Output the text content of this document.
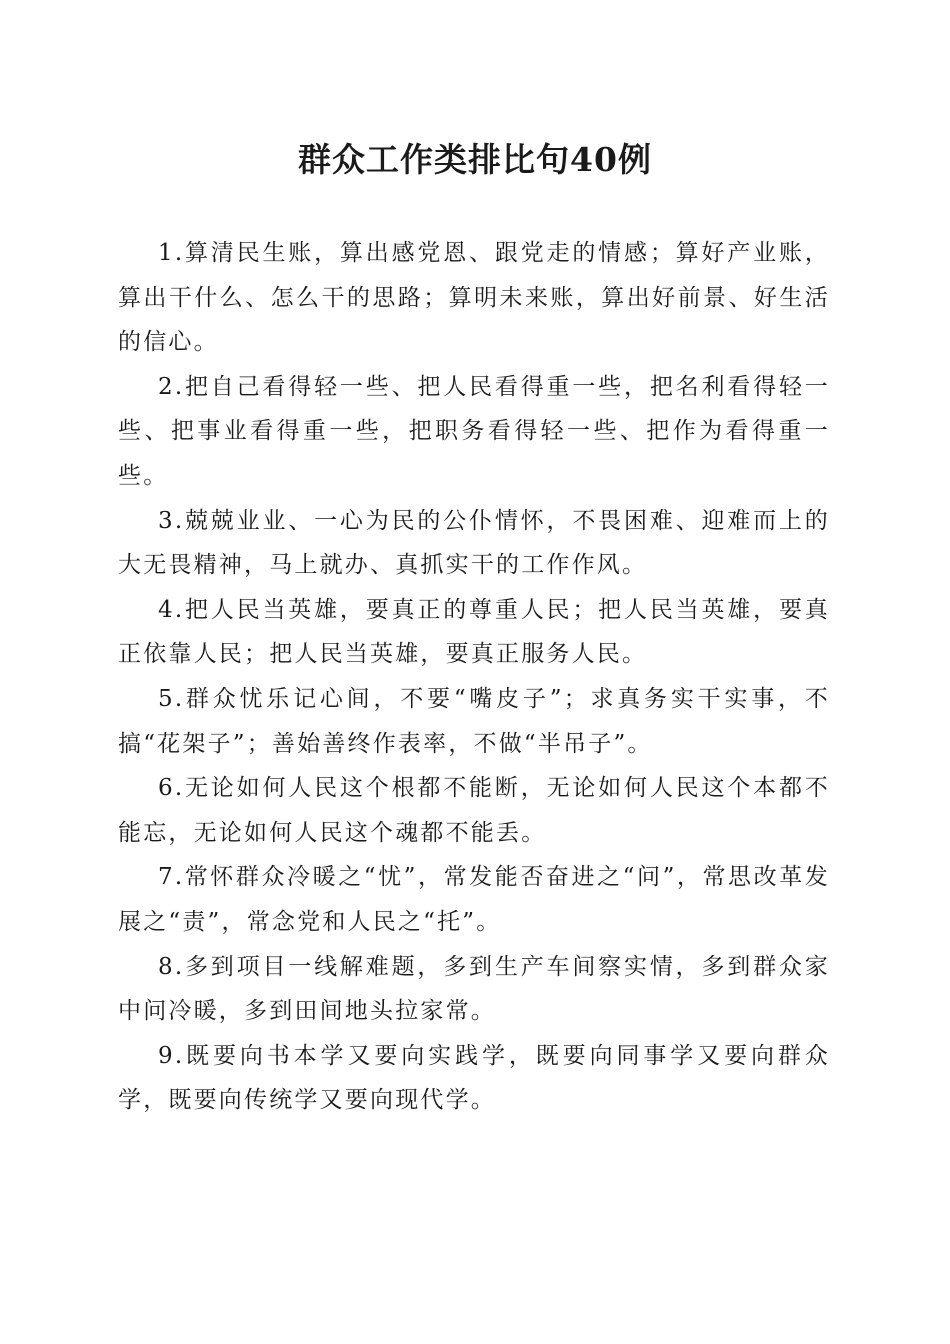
群众工作类排比句40例

1.算清民生账，算出感党恩、跟党走的情感；算好产业账，算出干什么、怎么干的思路；算明未来账，算出好前景、好生活的信心。

2.把自己看得轻一些、把人民看得重一些，把名利看得轻一些、把事业看得重一些，把职务看得轻一些、把作为看得重一些。

3.兢兢业业、一心为民的公仆情怀，不畏困难、迎难而上的大无畏精神，马上就办、真抓实干的工作作风。

4.把人民当英雄，要真正的尊重人民；把人民当英雄，要真正依靠人民；把人民当英雄，要真正服务人民。

5.群众忧乐记心间，不要“嘴皮子”；求真务实干实事，不搞“花架子”；善始善终作表率，不做“半吊子”。

6.无论如何人民这个根都不能断，无论如何人民这个本都不能忘，无论如何人民这个魂都不能丢。

7.常怀群众冷暖之“忧”，常发能否奋进之“问”，常思改革发展之“责”，常念党和人民之“托”。

8.多到项目一线解难题，多到生产车间察实情，多到群众家中问冷暖，多到田间地头拉家常。

9.既要向书本学又要向实践学，既要向同事学又要向群众学，既要向传统学又要向现代学。
